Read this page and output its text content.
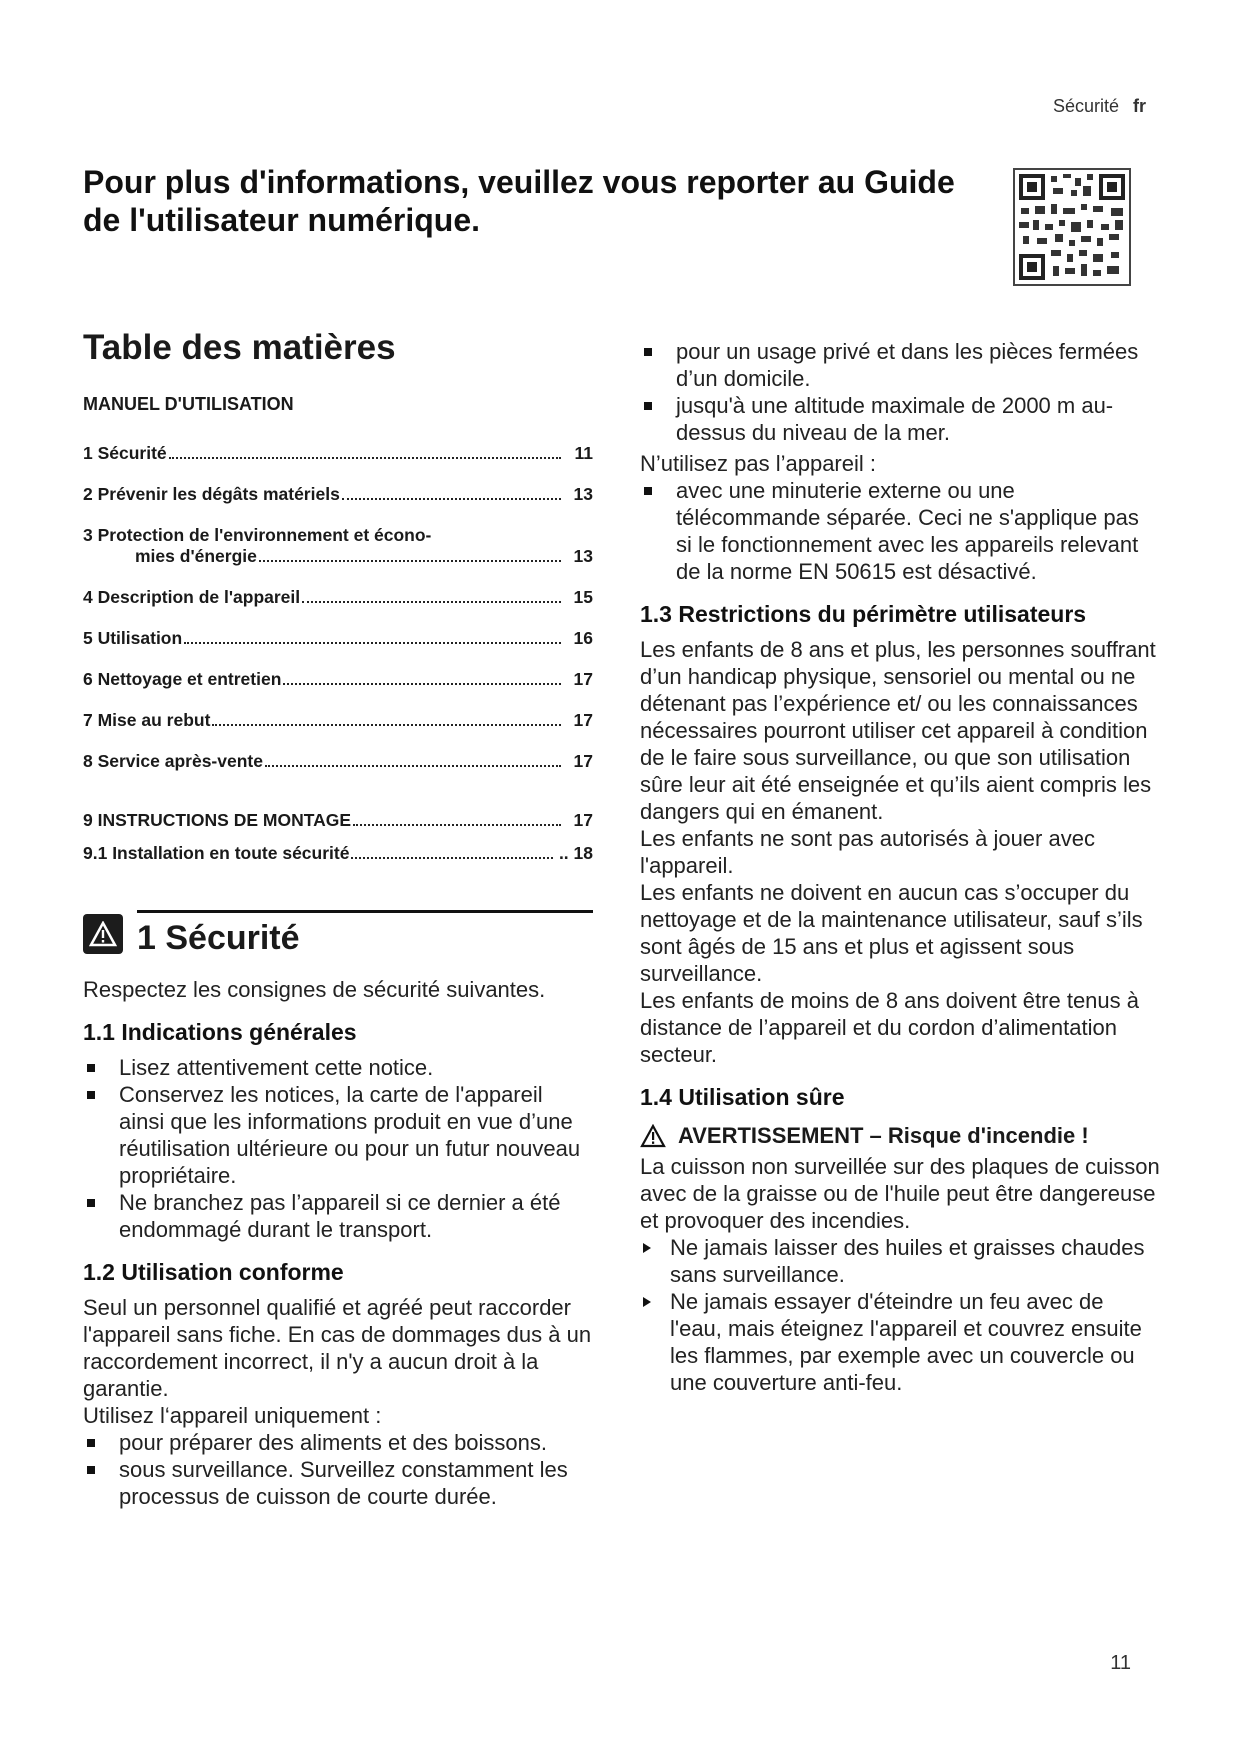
Sécurité fr
Pour plus d'informations, veuillez vous reporter au Guide de l'utilisateur numérique.
Table des matières
MANUEL D'UTILISATION
1 Sécurité	11
2 Prévenir les dégâts matériels	13
3 Protection de l'environnement et écono-
mies d'énergie	13
4 Description de l'appareil	15
5 Utilisation	16
6 Nettoyage et entretien	17
7 Mise au rebut	17
8 Service après-vente	17
9 INSTRUCTIONS DE MONTAGE	17
9.1 Installation en toute sécurité	.. 18
1 Sécurité

Respectez les consignes de sécurité suivantes.

1.1 Indications générales
Lisez attentivement cette notice.
Conservez les notices, la carte de l'appareil ainsi que les informations produit en vue d’une réutilisation ultérieure ou pour un futur nouveau propriétaire.
Ne branchez pas l’appareil si ce dernier a été endommagé durant le transport.
1.2 Utilisation conforme

Seul un personnel qualifié et agréé peut raccorder l'appareil sans fiche. En cas de dommages dus à un raccordement incorrect, il n'y a aucun droit à la garantie.

Utilisez l‘appareil uniquement :

pour préparer des aliments et des boissons.
sous surveillance. Surveillez constamment les processus de cuisson de courte durée.
pour un usage privé et dans les pièces fermées d’un domicile.
jusqu'à une altitude maximale de 2000 m au-dessus du niveau de la mer.

N’utilisez pas l’appareil :

avec une minuterie externe ou une télécommande séparée. Ceci ne s'applique pas si le fonctionnement avec les appareils relevant de la norme EN 50615 est désactivé.
1.3 Restrictions du périmètre utilisateurs

Les enfants de 8 ans et plus, les personnes souffrant d’un handicap physique, sensoriel ou mental ou ne détenant pas l’expérience et/ ou les connaissances nécessaires pourront utiliser cet appareil à condition de le faire sous surveillance, ou que son utilisation sûre leur ait été enseignée et qu’ils aient compris les dangers qui en émanent.

Les enfants ne sont pas autorisés à jouer avec l'appareil.

Les enfants ne doivent en aucun cas s’occuper du nettoyage et de la maintenance utilisateur, sauf s’ils sont âgés de 15 ans et plus et agissent sous surveillance.

Les enfants de moins de 8 ans doivent être tenus à distance de l’appareil et du cordon d’alimentation secteur.

1.4 Utilisation sûre
AVERTISSEMENT – Risque d'incendie !

La cuisson non surveillée sur des plaques de cuisson avec de la graisse ou de l'huile peut être dangereuse et provoquer des incendies.

Ne jamais laisser des huiles et graisses chaudes sans surveillance.
Ne jamais essayer d'éteindre un feu avec de l'eau, mais éteignez l'appareil et couvrez ensuite les flammes, par exemple avec un couvercle ou une couverture anti-feu.
11
